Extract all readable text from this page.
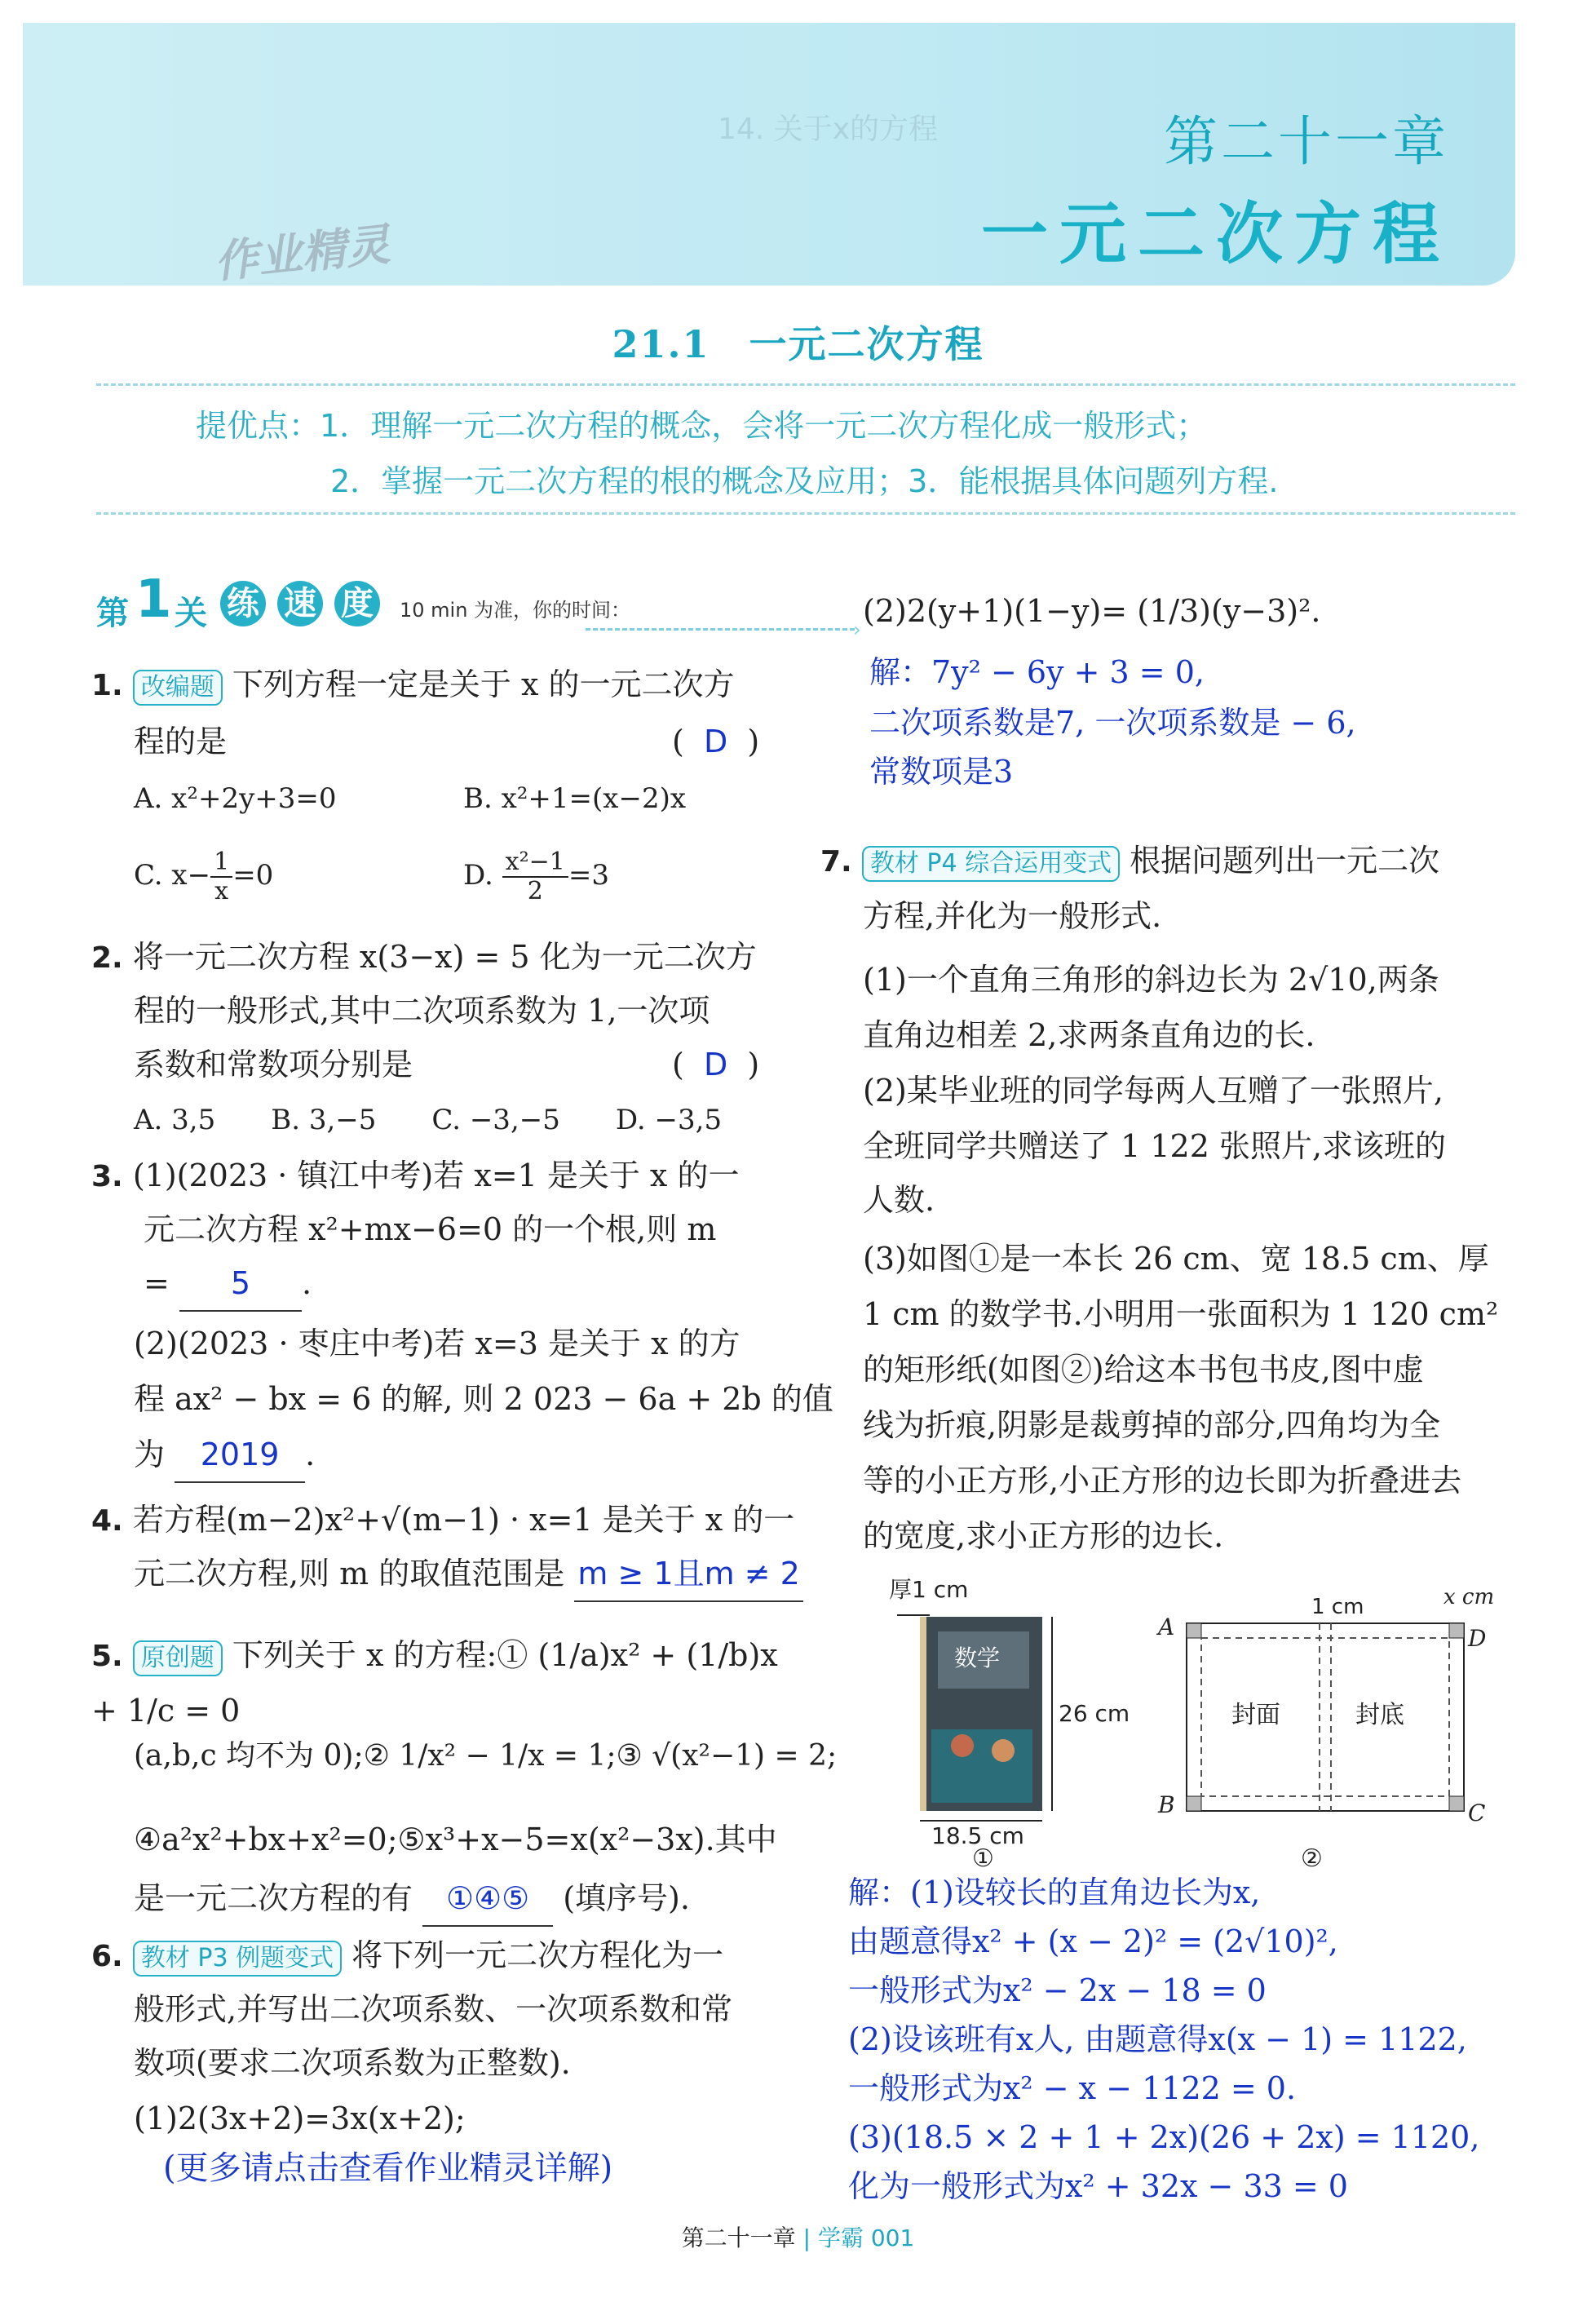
14. 关于x的方程	第二十一章
一元二次方程
作业精灵
21.1　一元二次方程
提优点：1．理解一元二次方程的概念，会将一元二次方程化成一般形式；
2．掌握一元二次方程的根的概念及应用；3．能根据具体问题列方程.
第 1 关 练 速 度	10 min 为准，你的时间：
›
1. 改编题 下列方程一定是关于 x 的一元二次方
程的是	(  D  )
A. x²+2y+3=0	B. x²+1=(x−2)x
C. $x- \frac{1}{x} =0$	D. $\frac{\text{x²−1}}{2} =3$
2. 将一元二次方程 x(3−x) = 5 化为一元二次方
程的一般形式,其中二次项系数为 1,一次项
系数和常数项分别是	(  D  )
A. 3,5　　B. 3,−5　　C. −3,−5　　D. −3,5
3. (1)(2023 · 镇江中考)若 x=1 是关于 x 的一
元二次方程 x²+mx−6=0 的一个根,则 m
= 5 .
(2)(2023 · 枣庄中考)若 x=3 是关于 x 的方
程 ax² − bx = 6 的解, 则 2 023 − 6a + 2b 的值
为 2019 .
4. 若方程(m−2)x²+√(m−1) · x=1 是关于 x 的一
元二次方程,则 m 的取值范围是 m ≥ 1且m ≠ 2
5. 原创题 下列关于 x 的方程:① (1/a)x² + (1/b)x + 1/c = 0
(a,b,c 均不为 0);② 1/x² − 1/x = 1;③ √(x²−1) = 2;
④a²x²+bx+x²=0;⑤x³+x−5=x(x²−3x).其中
是一元二次方程的有 ①④⑤ (填序号).
6. 教材 P3 例题变式 将下列一元二次方程化为一
般形式,并写出二次项系数、一次项系数和常
数项(要求二次项系数为正整数).
(1)2(3x+2)=3x(x+2);
(更多请点击查看作业精灵详解)
(2)2(y+1)(1−y)= (1/3)(y−3)².
解：7y² − 6y + 3 = 0,
二次项系数是7, 一次项系数是 − 6,
常数项是3
7. 教材 P4 综合运用变式 根据问题列出一元二次
方程,并化为一般形式.
(1)一个直角三角形的斜边长为 2√10,两条
直角边相差 2,求两条直角边的长.
(2)某毕业班的同学每两人互赠了一张照片,
全班同学共赠送了 1 122 张照片,求该班的
人数.
(3)如图①是一本长 26 cm、宽 18.5 cm、厚
1 cm 的数学书.小明用一张面积为 1 120 cm²
的矩形纸(如图②)给这本书包书皮,图中虚
线为折痕,阴影是裁剪掉的部分,四角均为全
等的小正方形,小正方形的边长即为折叠进去
的宽度,求小正方形的边长.
厚1 cm
数学
26 cm
18.5 cm
①
1 cm	x cm
A	D
B	C
封面	封底
②
解：(1)设较长的直角边长为x,
由题意得x² + (x − 2)² = (2√10)²,
一般形式为x² − 2x − 18 = 0
(2)设该班有x人, 由题意得x(x − 1) = 1122,
一般形式为x² − x − 1122 = 0.
(3)(18.5 × 2 + 1 + 2x)(26 + 2x) = 1120,
化为一般形式为x² + 32x − 33 = 0
第二十一章 | 学霸 001
